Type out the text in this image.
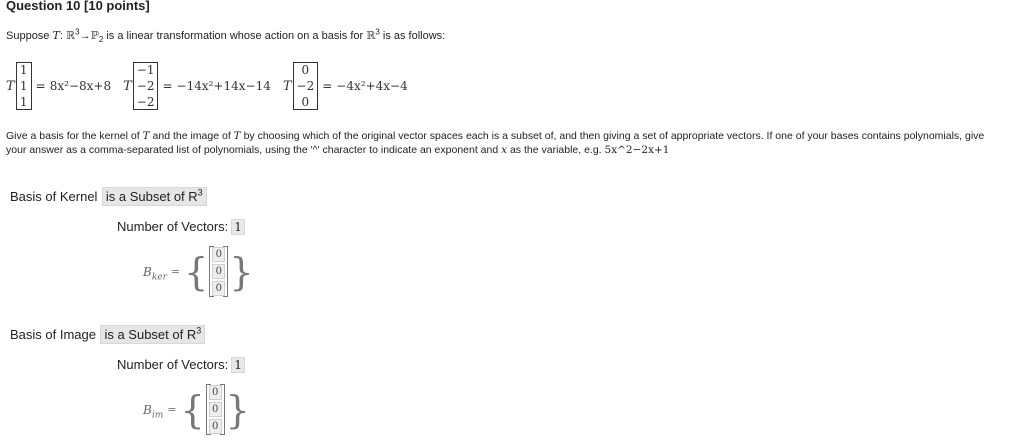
Question 10 [10 points]
Suppose T: ℝ$^3$→ℙ$_2$ is a linear transformation whose action on a basis for ℝ$^3$ is as follows:
T
1
1
1
= 8x²−8x+8 T
−1
−2
−2
= −14x²+14x−14 T
0
−2
0
= −4x²+4x−4
Give a basis for the kernel of T and the image of T by choosing which of the original vector spaces each is a subset of, and then giving a set of appropriate vectors. If one of your bases contains polynomials, give your answer as a comma-separated list of polynomials, using the '^' character to indicate an exponent and x as the variable, e.g. 5x^2−2x+1
Basis of Kernel is a Subset of $R^3$
Number of Vectors: 1
$B_{ker}$ = { 0
0
0 }
Basis of Image is a Subset of $R^3$
Number of Vectors: 1
$B_{im}$ = { 0
0
0 }
